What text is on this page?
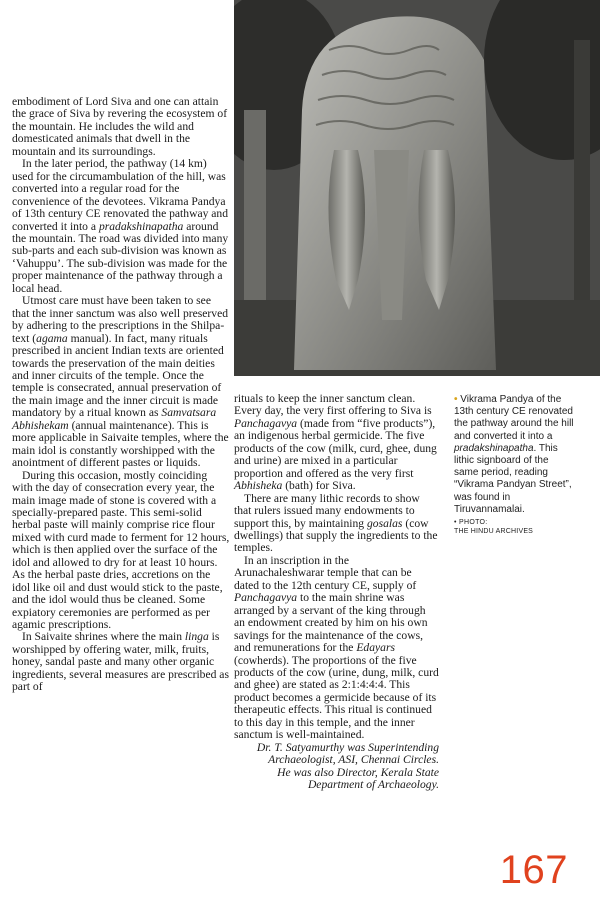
embodiment of Lord Siva and one can attain the grace of Siva by revering the ecosystem of the mountain. He includes the wild and domesticated animals that dwell in the mountain and its surroundings.

In the later period, the pathway (14 km) used for the circumambulation of the hill, was converted into a regular road for the convenience of the devotees. Vikrama Pandya of 13th century CE renovated the pathway and converted it into a pradakshinapatha around the mountain. The road was divided into many sub-parts and each sub-division was known as ‘Vahuppu’. The sub-division was made for the proper maintenance of the pathway through a local head.

Utmost care must have been taken to see that the inner sanctum was also well preserved by adhering to the prescriptions in the Shilpa-text (agama manual). In fact, many rituals prescribed in ancient Indian texts are oriented towards the preservation of the main deities and inner circuits of the temple. Once the temple is consecrated, annual preservation of the main image and the inner circuit is made mandatory by a ritual known as Samvatsara Abhishekam (annual maintenance). This is more applicable in Saivaite temples, where the main idol is constantly worshipped with the anointment of different pastes or liquids.

During this occasion, mostly coinciding with the day of consecration every year, the main image made of stone is covered with a specially-prepared paste. This semi-solid herbal paste will mainly comprise rice flour mixed with curd made to ferment for 12 hours, which is then applied over the surface of the idol and allowed to dry for at least 10 hours. As the herbal paste dries, accretions on the idol like oil and dust would stick to the paste, and the idol would thus be cleaned. Some expiatory ceremonies are performed as per agamic prescriptions.

In Saivaite shrines where the main linga is worshipped by offering water, milk, fruits, honey, sandal paste and many other organic ingredients, several measures are prescribed as part of

rituals to keep the inner sanctum clean. Every day, the very first offering to Siva is Panchagavya (made from “five products”), an indigenous herbal germicide. The five products of the cow (milk, curd, ghee, dung and urine) are mixed in a particular proportion and offered as the very first Abhisheka (bath) for Siva.

There are many lithic records to show that rulers issued many endowments to support this, by maintaining gosalas (cow dwellings) that supply the ingredients to the temples.

In an inscription in the Arunachaleshwarar temple that can be dated to the 12th century CE, supply of Panchagavya to the main shrine was arranged by a servant of the king through an endowment created by him on his own savings for the maintenance of the cows, and remunerations for the Edayars (cowherds). The proportions of the five products of the cow (urine, dung, milk, curd and ghee) are stated as 2:1:4:4:4. This product becomes a germicide because of its therapeutic effects. This ritual is continued to this day in this temple, and the inner sanctum is well-maintained.

Dr. T. Satyamurthy was Superintending

Archaeologist, ASI, Chennai Circles.

He was also Director, Kerala State

Department of Archaeology.

• Vikrama Pandya of the 13th century CE renovated the pathway around the hill and converted it into a pradakshinapatha. This lithic signboard of the same period, reading “Vikrama Pandyan Street”, was found in Tiruvannamalai.
• PHOTO:
THE HINDU ARCHIVES
167
